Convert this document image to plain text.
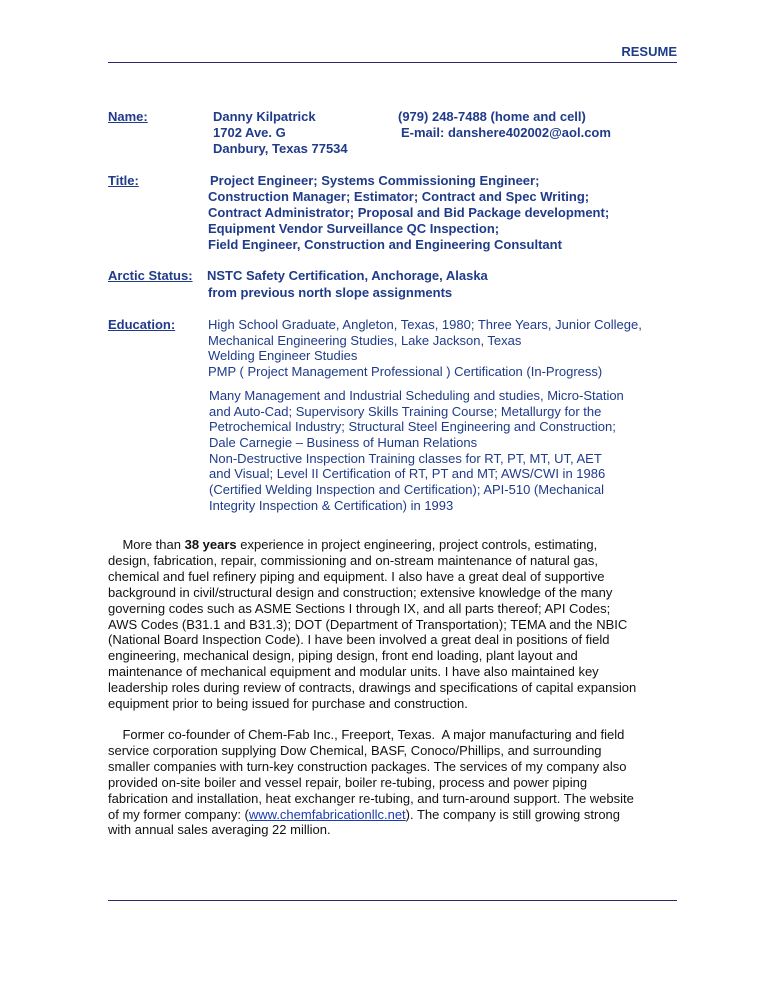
RESUME
Name:	Danny Kilpatrick
1702 Ave. G
Danbury, Texas 77534
(979) 248-7488 (home and cell)
E-mail: danshere402002@aol.com
Title:	Project Engineer; Systems Commissioning Engineer;
Construction Manager; Estimator; Contract and Spec Writing;
Contract Administrator; Proposal and Bid Package development;
Equipment Vendor Surveillance QC Inspection;
Field Engineer, Construction and Engineering Consultant
Arctic Status: NSTC Safety Certification, Anchorage, Alaska
from previous north slope assignments
Education:	High School Graduate, Angleton, Texas, 1980; Three Years, Junior College,
Mechanical Engineering Studies, Lake Jackson, Texas
Welding Engineer Studies
PMP ( Project Management Professional ) Certification (In-Progress)
Many Management and Industrial Scheduling and studies, Micro-Station
and Auto-Cad; Supervisory Skills Training Course; Metallurgy for the
Petrochemical Industry; Structural Steel Engineering and Construction;
Dale Carnegie – Business of Human Relations
Non-Destructive Inspection Training classes for RT, PT, MT, UT, AET
and Visual; Level II Certification of RT, PT and MT; AWS/CWI in 1986
(Certified Welding Inspection and Certification); API-510 (Mechanical
Integrity Inspection & Certification) in 1993
More than 38 years experience in project engineering, project controls, estimating,
design, fabrication, repair, commissioning and on-stream maintenance of natural gas,
chemical and fuel refinery piping and equipment. I also have a great deal of supportive
background in civil/structural design and construction; extensive knowledge of the many
governing codes such as ASME Sections I through IX, and all parts thereof; API Codes;
AWS Codes (B31.1 and B31.3); DOT (Department of Transportation); TEMA and the NBIC
(National Board Inspection Code). I have been involved a great deal in positions of field
engineering, mechanical design, piping design, front end loading, plant layout and
maintenance of mechanical equipment and modular units. I have also maintained key
leadership roles during review of contracts, drawings and specifications of capital expansion
equipment prior to being issued for purchase and construction.
Former co-founder of Chem-Fab Inc., Freeport, Texas.  A major manufacturing and field
service corporation supplying Dow Chemical, BASF, Conoco/Phillips, and surrounding
smaller companies with turn-key construction packages. The services of my company also
provided on-site boiler and vessel repair, boiler re-tubing, process and power piping
fabrication and installation, heat exchanger re-tubing, and turn-around support. The website
of my former company: (www.chemfabricationllc.net). The company is still growing strong
with annual sales averaging 22 million.
